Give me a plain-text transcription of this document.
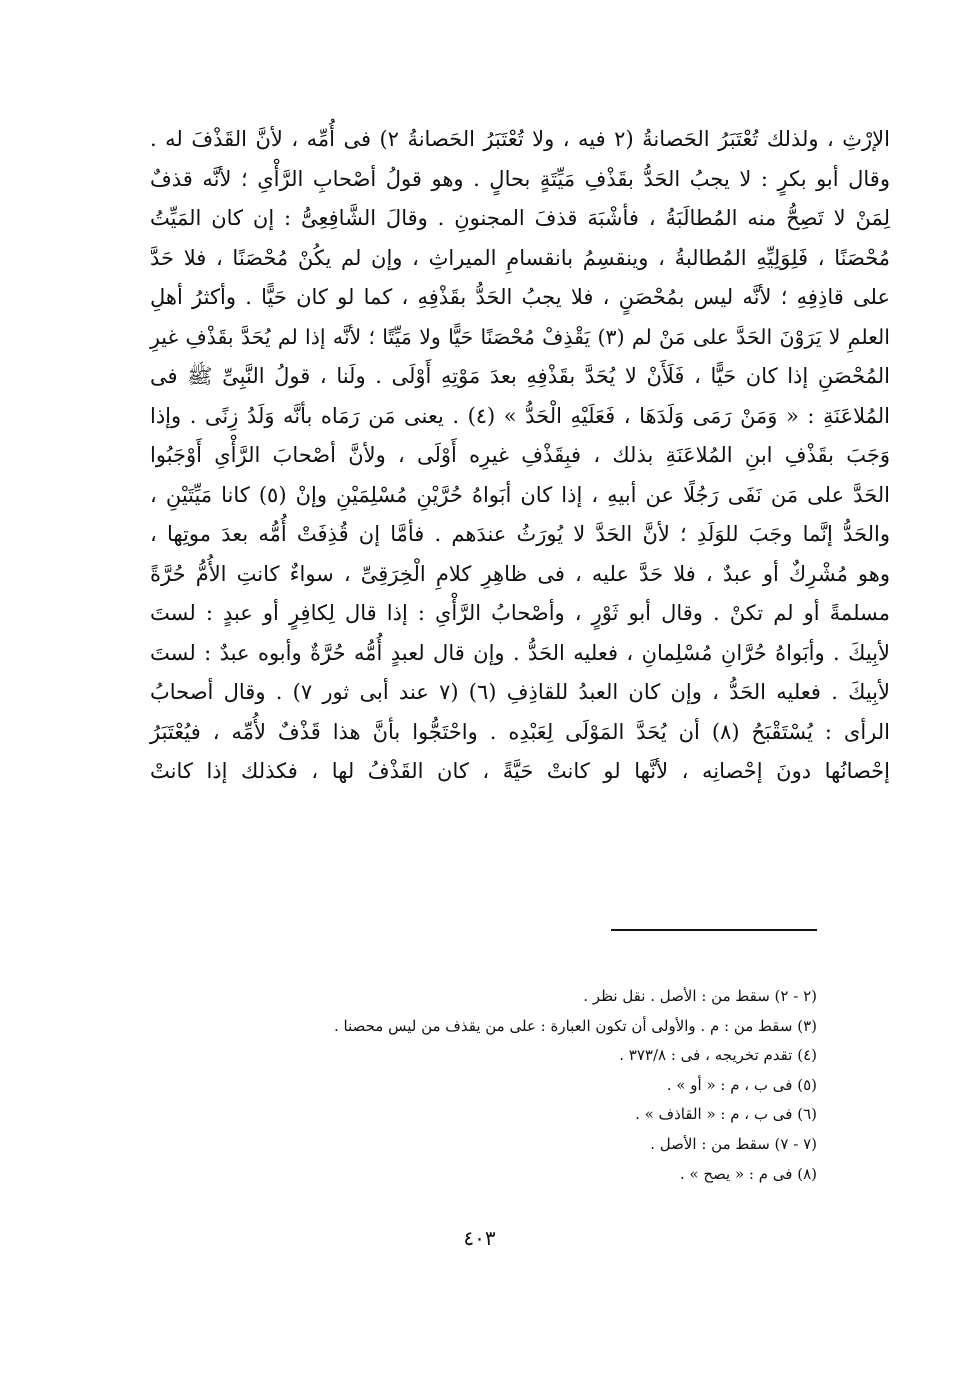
الإرْثِ ، ولذلك تُعْتَبَرُ الحَصانةُ (٢ فيه ، ولا تُعْتَبَرُ الحَصانةُ ٢) فى أُمِّه ، لأنَّ القَذْفَ له .
وقال أبو بكرٍ : لا يجبُ الحَدُّ بقَذْفِ مَيِّتَةٍ بحالٍ . وهو قولُ أصْحابِ الرَّأْىِ ؛ لأنَّه قذفٌ
لِمَنْ لا تَصِحُّ منه المُطالَبَةُ ، فأشْبَهَ قذفَ المجنونِ . وقالَ الشَّافِعِىُّ : إن كان المَيِّتُ
مُحْصَنًا ، فَلِوَلِيِّهِ المُطالبةُ ، وينقسِمُ بانقسامِ الميراثِ ، وإن لم يكُنْ مُحْصَنًا ، فلا حَدَّ
على قاذِفِهِ ؛ لأنَّه ليس بمُحْصَنٍ ، فلا يجبُ الحَدُّ بقَذْفِهِ ، كما لو كان حَيًّا . وأكثرُ أهلِ
العلمِ لا يَرَوْنَ الحَدَّ على مَنْ لم (٣) يَقْذِفْ مُحْصَنًا حَيًّا ولا مَيِّتًا ؛ لأنَّه إذا لم يُحَدَّ بقَذْفِ غيرِ
المُحْصَنِ إذا كان حَيًّا ، فَلَأَنْ لا يُحَدَّ بقَذْفِهِ بعدَ مَوْتِهِ أَوْلَى . ولَنا ، قولُ النَّبِىِّ ﷺ فى
المُلاعَنَةِ : « وَمَنْ رَمَى وَلَدَهَا ، فَعَلَيْهِ الْحَدُّ » (٤) . يعنى مَن رَمَاه بأنَّه وَلَدُ زِنًى . وإذا
وَجَبَ بقَذْفِ ابنِ المُلاعَنَةِ بذلك ، فبِقَذْفِ غيرِه أَوْلَى ، ولأنَّ أصْحابَ الرَّأْىِ أَوْجَبُوا
الحَدَّ على مَن نَفَى رَجُلًا عن أبيهِ ، إذا كان أبَواهُ حُرَّيْنِ مُسْلِمَيْنِ وإنْ (٥) كانا مَيِّتَيْنِ ،
والحَدُّ إنَّما وجَبَ للوَلَدِ ؛ لأنَّ الحَدَّ لا يُورَثُ عندَهم . فأمَّا إن قُذِفَتْ أُمُّه بعدَ موتِها ،
وهو مُشْرِكٌ أو عبدٌ ، فلا حَدَّ عليه ، فى ظاهِرِ كلامِ الْخِرَقِىِّ ، سواءٌ كانتِ الأُمُّ حُرَّةً
مسلمةً أو لم تكنْ . وقال أبو ثَوْرٍ ، وأصْحابُ الرَّأْىِ : إذا قال لِكافِرٍ أو عبدٍ : لستَ
لأبِيكَ . وأبَواهُ حُرَّانِ مُسْلِمانِ ، فعليه الحَدُّ . وإن قال لعبدٍ أُمُّه حُرَّةٌ وأبوه عبدٌ : لستَ
لأبِيكَ . فعليه الحَدُّ ، وإن كان العبدُ للقاذِفِ (٦) (٧ عند أبى ثور ٧) . وقال أصحابُ
الرأى : يُسْتَقْبَحُ (٨) أن يُحَدَّ المَوْلَى لِعَبْدِه . واحْتَجُّوا بأنَّ هذا قَذْفٌ لأُمِّه ، فيُعْتَبَرُ
إحْصانُها دونَ إحْصانِه ، لأنَّها لو كانتْ حَيَّةً ، كان القَذْفُ لها ، فكذلك إذا كانتْ
(٢ - ٢) سقط من : الأصل . نقل نظر .
(٣) سقط من : م . والأولى أن تكون العبارة : على من يقذف من ليس محصنا .
(٤) تقدم تخريجه ، فى : ٣٧٣/٨ .
(٥) فى ب ، م : « أو » .
(٦) فى ب ، م : « القاذف » .
(٧ - ٧) سقط من : الأصل .
(٨) فى م : « يصح » .
٤٠٣
